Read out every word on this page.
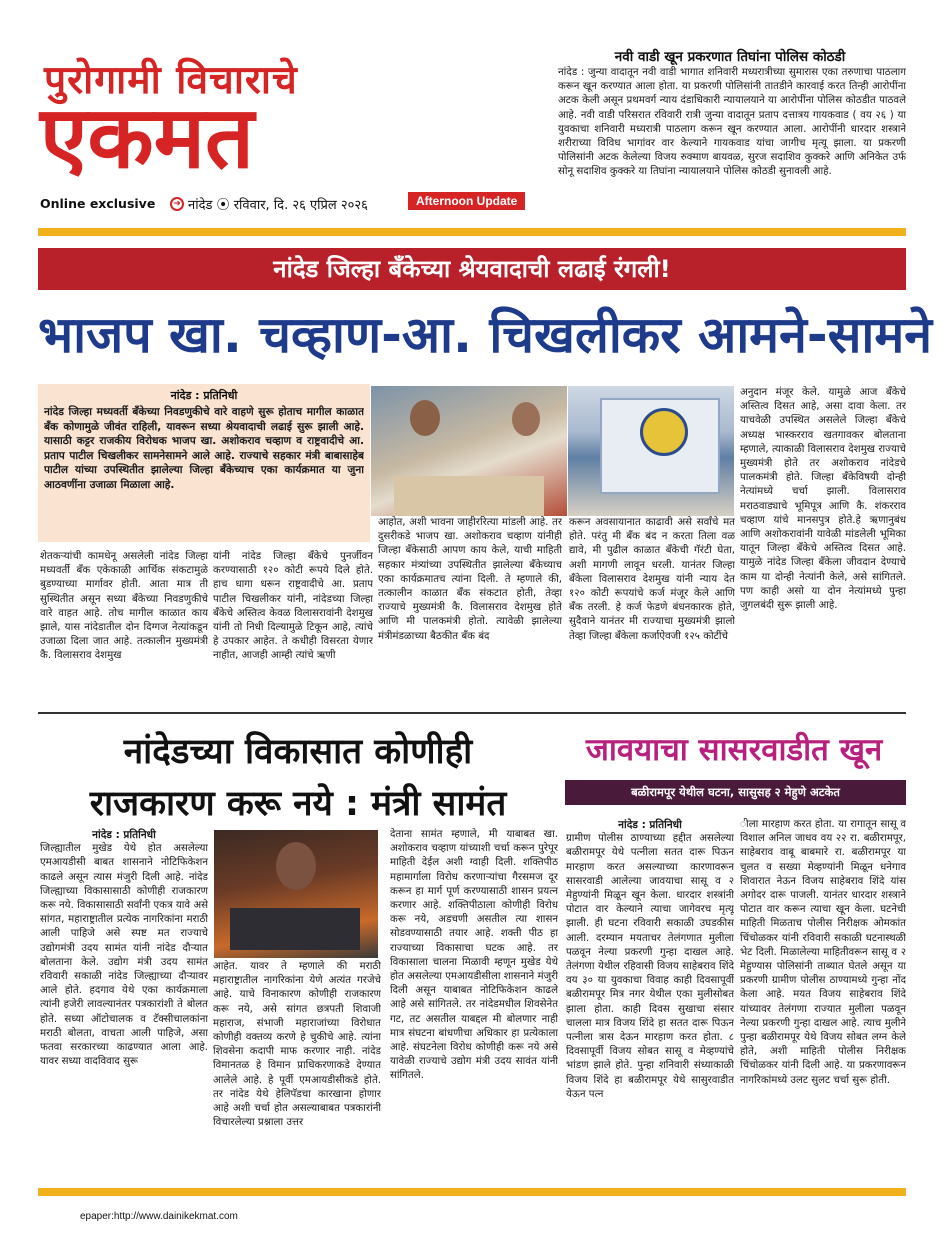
पुरोगामी विचाराचे
एकमत
Online exclusive	➜ नांदेड ⦿ रविवार, दि. २६ एप्रिल २०२६	Afternoon Update
नवी वाडी खून प्रकरणात तिघांना पोलिस कोठडी
नांदेड : जुन्या वादातून नवी वाडी भागात शनिवारी मध्यरात्रीच्या सुमारास एका तरुणाचा पाठलाग करून खून करण्यात आला होता. या प्रकरणी पोलिसांनी तातडीने कारवाई करत तिन्ही आरोपींना अटक केली असून प्रथमवर्ग न्याय दंडाधिकारी न्यायालयाने या आरोपींना पोलिस कोठडीत पाठवले आहे. नवी वाडी परिसरात रविवारी रात्री जुन्या वादातून प्रताप दत्तात्रय गायकवाड ( वय २६ ) या युवकाचा शनिवारी मध्यरात्री पाठलाग करून खून करण्यात आला. आरोपींनी धारदार शस्त्राने शरीराच्या विविध भागांवर वार केल्याने गायकवाड यांचा जागीच मृत्यू झाला. या प्रकरणी पोलिसांनी अटक केलेल्या विजय रुक्माण बायवळ, सुरज सदाशिव कुक्करे आणि अनिकेत उर्फ सोनू सदाशिव कुक्करे या तिघांना न्यायालयाने पोलिस कोठडी सुनावली आहे.
नांदेड जिल्हा बँकेच्या श्रेयवादाची लढाई रंगली!
भाजप खा. चव्हाण-आ. चिखलीकर आमने-सामने
नांदेड : प्रतिनिधी
नांदेड जिल्हा मध्यवर्ती बँकेच्या निवडणुकीचे वारे वाहणे सुरू होताच मागील काळात बँक कोणामुळे जीवंत राहिली, यावरून सध्या श्रेयवादाची लढाई सुरू झाली आहे. यासाठी कट्टर राजकीय विरोधक भाजप खा. अशोकराव चव्हाण व राष्ट्रवादीचे आ. प्रताप पाटील चिखलीकर सामनेसामने आले आहे. राज्याचे सहकार मंत्री बाबासाहेब पाटील यांच्या उपस्थितीत झालेल्या जिल्हा बँकेच्याच एका कार्यक्रमात या जुना आठवणींना उजाळा मिळाला आहे.
शेतकऱ्यांची कामधेनू असलेली नांदेड जिल्हा मध्यवर्ती बँक एकेकाळी आर्थिक संकटामुळे बुडण्याच्या मार्गावर होती. आता मात्र ती सुस्थितीत असून सध्या बँकेच्या निवडणुकीचे वारे वाहत आहे. तोच मागील काळात काय झाले, यास नांदेडातील दोन दिग्गज नेत्यांकडून उजाळा दिला जात आहे. तत्कालीन मुख्यमंत्री कै. विलासराव देशमुख
यांनी नांदेड जिल्हा बँकेचे पुनर्जीवन करण्यासाठी १२० कोटी रूपये दिले होते. हाच धागा धरून राष्ट्रवादीचे आ. प्रताप पाटील चिखलीकर यांनी, नांदेडच्या जिल्हा बँकेचे अस्तित्व केवळ विलासरावांनी देशमुख यांनी तो निधी दिल्यामुळे टिकून आहे, त्यांचे हे उपकार आहेत. ते कधीही विसरता येणार नाहीत, आजही आम्ही त्यांचे ऋणी
आहोत, अशी भावना जाहीररित्या मांडली आहे. तर दुसरीकडे भाजप खा. अशोकराव चव्हाण यांनीही जिल्हा बँकेसाठी आपण काय केले, याची माहिती सहकार मंत्र्यांच्या उपस्थितीत झालेल्या बँकेच्याच एका कार्यक्रमातच त्यांना दिली. ते म्हणाले की, तत्कालीन काळात बँक संकटात होती, तेव्हा राज्याचे मुख्यमंत्री कै. विलासराव देशमुख होते आणि मी पालकमंत्री होतो. त्यावेळी झालेल्या मंत्रीमंडळाच्या बैठकीत बँक बंद
करून अवसायानात काढावी असे सर्वांचे मत होते. परंतु मी बँक बंद न करता तिला वळ द्यावे, मी पुढील काळात बँकेची गॅरंटी घेता, अशी मागणी लावून धरली. यानंतर जिल्हा बँकेला विलासराव देशमुख यांनी न्याय देत १२० कोटी रूपयांचे कर्ज मंजूर केले आणि बँक तरली. हे कर्ज फेडणे बंधनकारक होते, सुदैवाने यानंतर मी राज्याचा मुख्यमंत्री झालो तेव्हा जिल्हा बँकेला कर्जाऐवजी १२५ कोटींचे
अनुदान मंजूर केले. यामुळे आज बँकेचे अस्तित्व दिसत आहे, असा दावा केला. तर याचवेळी उपस्थित असलेले जिल्हा बँकेचे अध्यक्ष भास्करराव खतगावकर बोलताना म्हणाले, त्याकाळी विलासराव देशमुख राज्याचे मुख्यमंत्री होते तर अशोकराव नांदेडचे पालकमंत्री होते. जिल्हा बँकेविषयी दोन्ही नेत्यांमध्ये चर्चा झाली. विलासराव मराठवाड्याचे भूमिपूत्र आणि कै. शंकरराव चव्हाण यांचे मानसपुत्र होते.हे ऋणानुबंध आणि अशोकरावांनी यावेळी मांडलेली भूमिका यातून जिल्हा बँकेचे अस्तित्व दिसत आहे. यामुळे नांदेड जिल्हा बँकेला जीवदान देण्याचे काम या दोन्ही नेत्यांनी केले, असे सांगितले. पण काही असो या दोन नेत्यांमध्ये पुन्हा जुगलबंदी सुरू झाली आहे.
नांदेडच्या विकासात कोणीही
राजकारण करू नये : मंत्री सामंत
नांदेड : प्रतिनिधी
जिल्ह्यातील मुखेड येथे होत असलेल्या एमआयडीसी बाबत शासनाने नोटिफिकेशन काढले असून त्यास मंजुरी दिली आहे. नांदेड जिल्ह्याच्या विकासासाठी कोणीही राजकारण करू नये. विकासासाठी सर्वांनी एकत्र यावे असे सांगत, महाराष्ट्रातील प्रत्येक नागरिकांना मराठी आली पाहिजे असे स्पष्ट मत राज्याचे उद्योगमंत्री उदय सामंत यांनी नांदेड दौऱ्यात बोलताना केले. उद्योग मंत्री उदय सामंत रविवारी सकाळी नांदेड जिल्ह्याच्या दौऱ्यावर आले होते. हदगाव येथे एका कार्यक्रमाला त्यांनी हजेरी लावल्यानंतर पत्रकारांशी ते बोलत होते. सध्या ऑटोचालक व टॅक्सीचालकांना मराठी बोलता, वाचता आली पाहिजे, असा फतवा सरकारच्या काढण्यात आला आहे. यावर सध्या वादविवाद सुरू
आहेत. यावर ते म्हणाले की मराठी महाराष्ट्रातील नागरिकांना येणे अत्यंत गरजेचे आहे. याचे विनाकारण कोणीही राजकारण करू नये, असे सांगत छत्रपती शिवाजी महाराज, संभाजी महाराजांच्या विरोधात कोणीही वक्तव्य करणे हे चुकीचे आहे. त्यांना शिवसेना कदापी माफ करणार नाही. नांदेड विमानतळ हे विमान प्राधिकरणाकडे देण्यात आलेले आहे. हे पूर्वी एमआयडीसीकडे होते. तर नांदेड येथे हेलिपॅडचा कारखाना होणार आहे अशी चर्चा होत असल्याबाबत पत्रकारांनी विचारलेल्या प्रश्नाला उत्तर
देताना सामंत म्हणाले, मी याबाबत खा. अशोकराव चव्हाण यांच्याशी चर्चा करून पुरेपूर माहिती देईल अशी ग्वाही दिली. शक्तिपीठ महामार्गाला विरोध करणाऱ्यांचा गैरसमज दूर करून हा मार्ग पूर्ण करण्यासाठी शासन प्रयत्न करणार आहे. शक्तिपीठाला कोणीही विरोध करू नये, अडचणी असतील त्या शासन सोडवण्यासाठी तयार आहे. शक्ती पीठ हा राज्याच्या विकासाचा घटक आहे. तर विकासाला चालना मिळावी म्हणून मुखेड येथे होत असलेल्या एमआयडीसीला शासनाने मंजुरी दिली असून याबाबत नोटिफिकेशन काढले आहे असे सांगितले. तर नांदेडमधील शिवसेनेत गट, तट असतील याबद्दल मी बोलणार नाही मात्र संघटना बांधणीचा अधिकार हा प्रत्येकाला आहे. संघटनेला विरोध कोणीही करू नये असे यावेळी राज्याचे उद्योग मंत्री उदय सावंत यांनी सांगितले.
जावयाचा सासरवाडीत खून
बळीरामपूर येथील घटना, सासुसह २ मेहुणे अटकेत
नांदेड : प्रतिनिधी
ग्रामीण पोलीस ठाण्याच्या हद्दीत असलेल्या बळीरामपूर येथे पत्नीला सतत दारू पिऊन मारहाण करत असल्याच्या कारणावरून सासरवाडी आलेल्या जावयाचा सासू व २ मेहुण्यांनी मिळून खून केला. धारदार शस्त्रांनी पोटात वार केल्याने त्याचा जागेवरच मृत्यू झाली. ही घटना रविवारी सकाळी उघडकीस आली. दरम्यान मयताचर तेलंगणात मुलीला पळवून नेल्या प्रकरणी गुन्हा दाखल आहे. तेलंगणा येथील रहिवासी विजय साहेबराव शिंदे वय ३० या युवकाचा विवाह काही दिवसापूर्वी बळीरामपूर मित्र नगर येथील एका मुलीसोबत झाला होता. काही दिवस सुखाचा संसार चालला मात्र विजय शिंदे हा सतत दारू पिऊन पत्नीला त्रास देऊन मारहाण करत होता. ८ दिवसापूर्वी विजय सोबत सासू व मेव्हण्यांचे भांडण झाले होते. पुन्हा शनिवारी संध्याकाळी विजय शिंदे हा बळीरामपूर येथे सासुरवाडीत येऊन पत्न
ीला मारहाण करत होता. या रागातून सासू व विशाल अनिल जाधव वय २२ रा. बळीरामपूर, साहेबराव वाबू बाबमारे रा. बळीरामपूर या चुलत व सख्या मेव्हण्यांनी मिळून धनेगाव शिवारात नेऊन विजय साहेबराव शिंदे यांस अगोदर दारू पाजली. यानंतर धारदार शस्त्राने पोटात वार करून त्याचा खून केला. घटनेची माहिती मिळताच पोलीस निरीक्षक ओमकांत चिंचोळकर यांनी रविवारी सकाळी घटनास्थळी भेट दिली. मिळालेल्या माहितीवरून सासू व २ मेहुण्यास पोलिसांनी ताब्यात घेतले असून या प्रकरणी ग्रामीण पोलीस ठाण्यामध्ये गुन्हा नोंद केला आहे. मयत विजय साहेबराव शिंदे यांच्यावर तेलंगणा राज्यात मुलीला पळवून नेल्या प्रकरणी गुन्हा दाखल आहे. त्याच मुलीने पुन्हा बळीरामपूर येथे विजय सोबत लग्न केले होते, अशी माहिती पोलीस निरीक्षक चिंचोळकर यांनी दिली आहे. या प्रकरणावरून नागरिकांमध्ये उलट सुलट चर्चा सुरू होती.
epaper:http://www.dainikekmat.com
